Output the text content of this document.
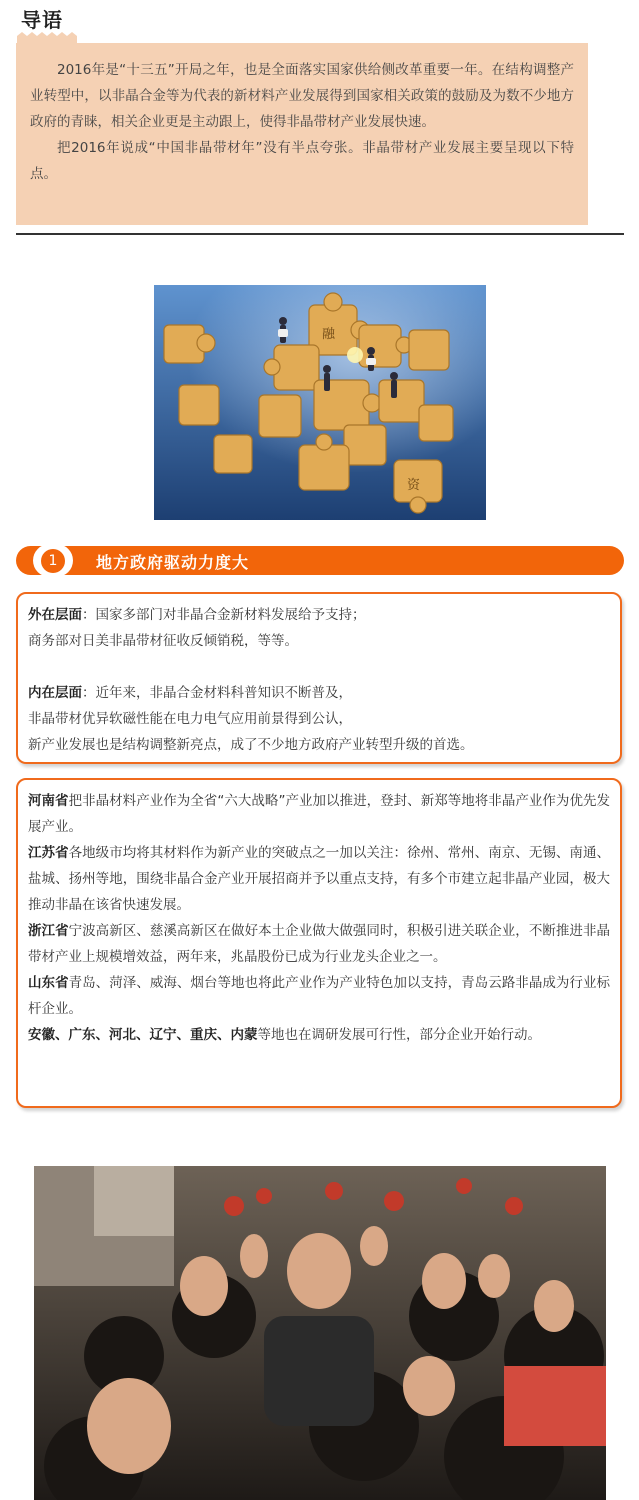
导语

2016年是“十三五”开局之年，也是全面落实国家供给侧改革重要一年。在结构调整产业转型中，以非晶合金等为代表的新材料产业发展得到国家相关政策的鼓励及为数不少地方政府的青睐，相关企业更是主动跟上，使得非晶带材产业发展快速。

把2016年说成“中国非晶带材年”没有半点夸张。非晶带材产业发展主要呈现以下特点。

融
资
1	地方政府驱动力度大

外在层面：国家多部门对非晶合金新材料发展给予支持；

商务部对日美非晶带材征收反倾销税，等等。

内在层面：近年来，非晶合金材料科普知识不断普及，

非晶带材优异软磁性能在电力电气应用前景得到公认，

新产业发展也是结构调整新亮点，成了不少地方政府产业转型升级的首选。

河南省把非晶材料产业作为全省“六大战略”产业加以推进，登封、新郑等地将非晶产业作为优先发展产业。

江苏省各地级市均将其材料作为新产业的突破点之一加以关注：徐州、常州、南京、无锡、南通、盐城、扬州等地，围绕非晶合金产业开展招商并予以重点支持，有多个市建立起非晶产业园，极大推动非晶在该省快速发展。

浙江省宁波高新区、慈溪高新区在做好本土企业做大做强同时，积极引进关联企业，不断推进非晶带材产业上规模增效益，两年来，兆晶股份已成为行业龙头企业之一。

山东省青岛、菏泽、威海、烟台等地也将此产业作为产业特色加以支持，青岛云路非晶成为行业标杆企业。

安徽、广东、河北、辽宁、重庆、内蒙等地也在调研发展可行性，部分企业开始行动。
